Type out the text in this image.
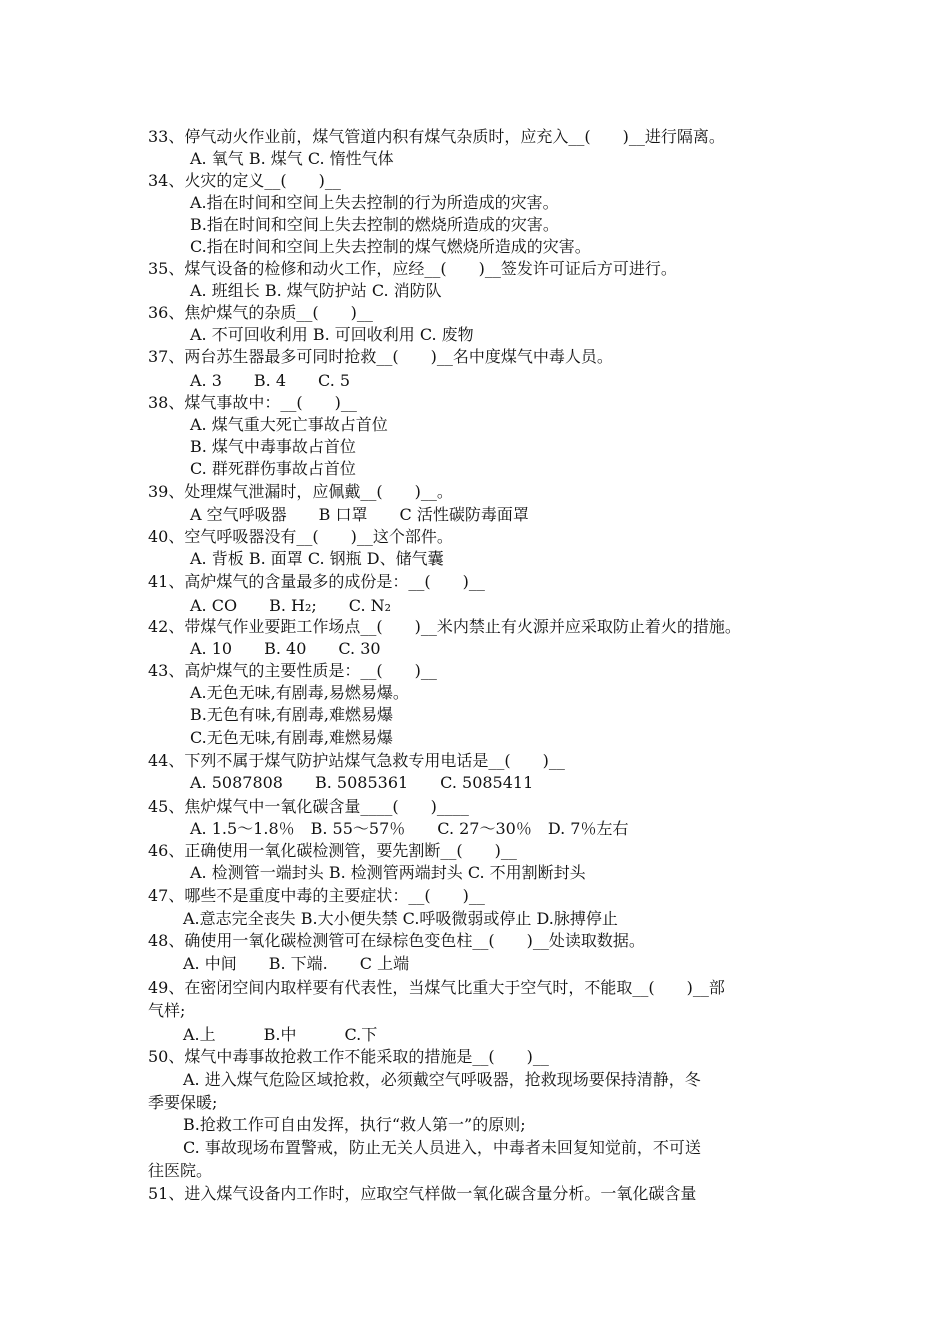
33、停气动火作业前，煤气管道内积有煤气杂质时，应充入__(　　)__进行隔离。
A. 氧气 B. 煤气 C. 惰性气体
34、火灾的定义__(　　)__
A.指在时间和空间上失去控制的行为所造成的灾害。
B.指在时间和空间上失去控制的燃烧所造成的灾害。
C.指在时间和空间上失去控制的煤气燃烧所造成的灾害。
35、煤气设备的检修和动火工作，应经__(　　)__签发许可证后方可进行。
A. 班组长 B. 煤气防护站 C. 消防队
36、焦炉煤气的杂质__(　　)__
A. 不可回收利用 B. 可回收利用 C. 废物
37、两台苏生器最多可同时抢救__(　　)__名中度煤气中毒人员。
A. 3　　B. 4　　C. 5
38、煤气事故中：__(　　)__
A. 煤气重大死亡事故占首位
B. 煤气中毒事故占首位
C. 群死群伤事故占首位
39、处理煤气泄漏时，应佩戴__(　　)__。
A 空气呼吸器　　B 口罩　　C 活性碳防毒面罩
40、空气呼吸器没有__(　　)__这个部件。
A. 背板 B. 面罩 C. 钢瓶 D、储气囊
41、高炉煤气的含量最多的成份是：__(　　)__
A. CO　　B. H₂;　　C. N₂
42、带煤气作业要距工作场点__(　　)__米内禁止有火源并应采取防止着火的措施。
A. 10　　B. 40　　C. 30
43、高炉煤气的主要性质是：__(　　)__
A.无色无味,有剧毒,易燃易爆。
B.无色有味,有剧毒,难燃易爆
C.无色无味,有剧毒,难燃易爆
44、下列不属于煤气防护站煤气急救专用电话是__(　　)__
A. 5087808　　B. 5085361　　C. 5085411
45、焦炉煤气中一氧化碳含量____(　　)____
A. 1.5～1.8％　B. 55～57％　　C. 27～30％　D. 7％左右
46、正确使用一氧化碳检测管，要先割断__(　　)__
A. 检测管一端封头 B. 检测管两端封头 C. 不用割断封头
47、哪些不是重度中毒的主要症状：__(　　)__
A.意志完全丧失 B.大小便失禁 C.呼吸微弱或停止 D.脉搏停止
48、确使用一氧化碳检测管可在绿棕色变色柱__(　　)__处读取数据。
A. 中间　　B. 下端.　　C 上端
49、在密闭空间内取样要有代表性，当煤气比重大于空气时，不能取__(　　)__部
气样;
A.上　　　B.中　　　C.下
50、煤气中毒事故抢救工作不能采取的措施是__(　　)__
A. 进入煤气危险区域抢救，必须戴空气呼吸器，抢救现场要保持清静，冬
季要保暖;
B.抢救工作可自由发挥，执行“救人第一”的原则;
C. 事故现场布置警戒，防止无关人员进入，中毒者未回复知觉前，不可送
往医院。
51、进入煤气设备内工作时，应取空气样做一氧化碳含量分析。一氧化碳含量
